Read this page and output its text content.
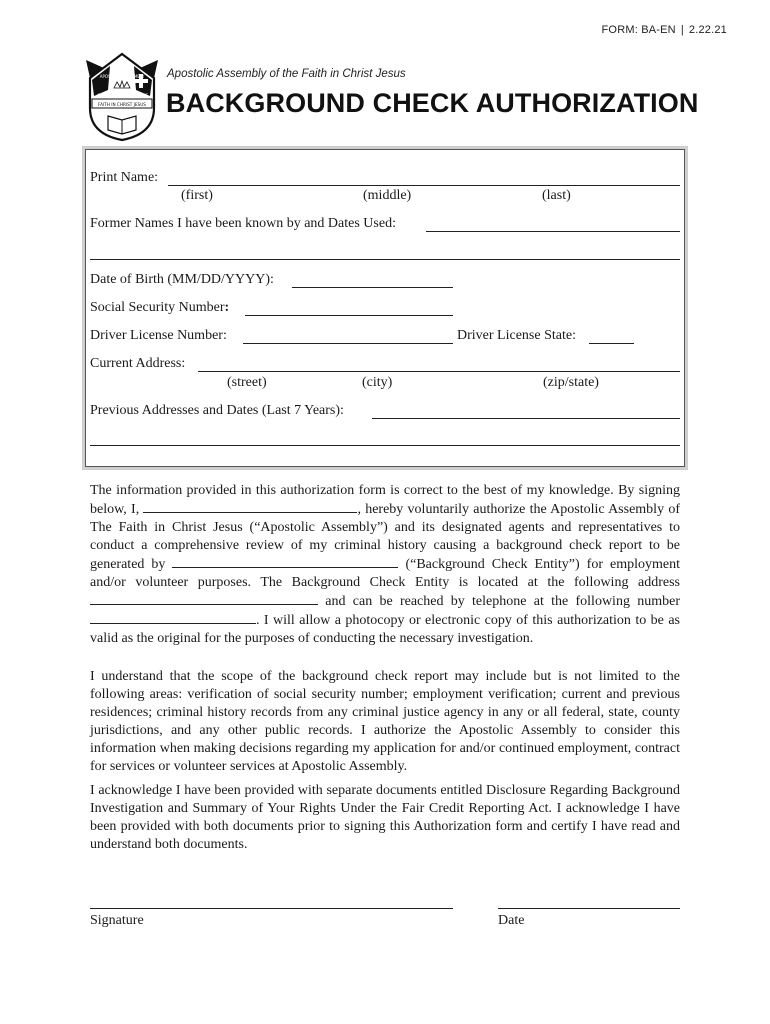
FORM: BA-EN | 2.22.21
FAITH IN CHRIST JESUS
APOSTOLIC ASSEMBLY
OF	THE
Apostolic Assembly of the Faith in Christ Jesus
BACKGROUND CHECK AUTHORIZATION
Print Name:
(first)	(middle)	(last)
Former Names I have been known by and Dates Used:
Date of Birth (MM/DD/YYYY):
Social Security Number:
Driver License Number:	Driver License State:
Current Address:
(street)	(city)	(zip/state)
Previous Addresses and Dates (Last 7 Years):

The information provided in this authorization form is correct to the best of my knowledge. By signing below, I,	, hereby voluntarily authorize the Apostolic Assembly of The Faith in Christ Jesus (“Apostolic Assembly”) and its designated agents and representatives to conduct a comprehensive review of my criminal history causing a background check report to be generated by	(“Background Check Entity”) for employment and/or volunteer purposes. The Background Check Entity is located at the following address  and can be reached by telephone at the following number . I will allow a photocopy or electronic copy of this authorization to be as valid as the original for the purposes of conducting the necessary investigation.

I understand that the scope of the background check report may include but is not limited to the following areas: verification of social security number; employment verification; current and previous residences; criminal history records from any criminal justice agency in any or all federal, state, county jurisdictions, and any other public records. I authorize the Apostolic Assembly to consider this information when making decisions regarding my application for and/or continued employment, contract for services or volunteer services at Apostolic Assembly.

I acknowledge I have been provided with separate documents entitled Disclosure Regarding Background Investigation and Summary of Your Rights Under the Fair Credit Reporting Act. I acknowledge I have been provided with both documents prior to signing this Authorization form and certify I have read and understand both documents.

Signature	Date
